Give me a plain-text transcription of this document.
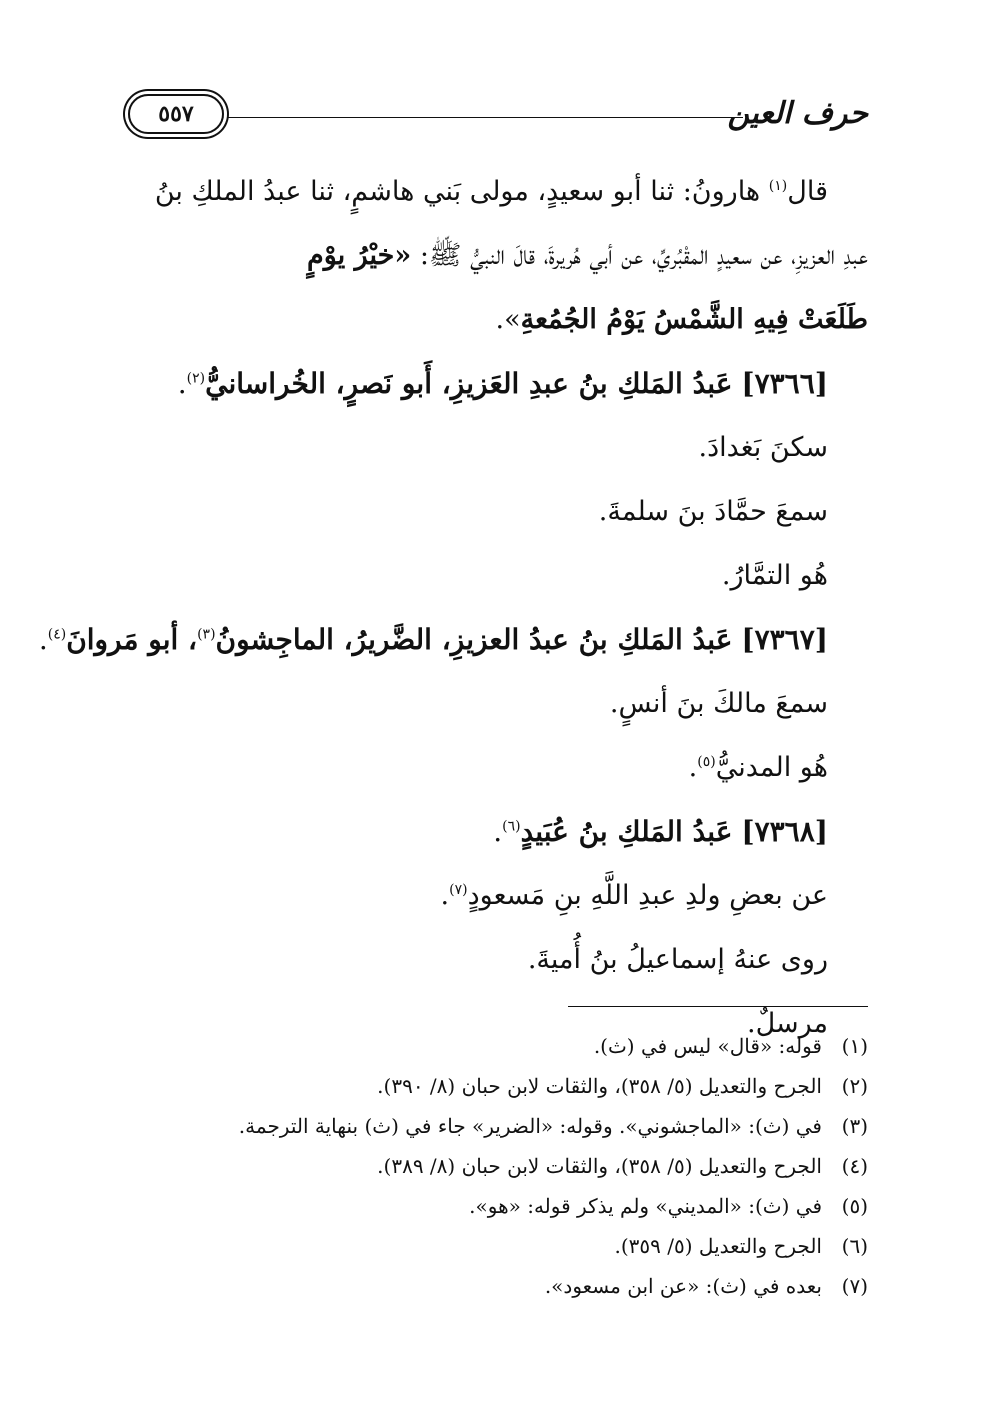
حرف العين
٥٥٧
قال$^{(١)}$ هارونُ: ثنا أبو سعيدٍ، مولى بَني هاشمٍ، ثنا عبدُ الملكِ بنُ
عبدِ العزيزِ، عن سعيدٍ المقْبُريِّ، عن أبي هُريرةَ، قالَ النبيُّ ﷺ: «خيْرُ يوْمٍ
طَلَعَتْ فِيهِ الشَّمْسُ يَوْمُ الجُمُعةِ».
[٧٣٦٦] عَبدُ المَلكِ بنُ عبدِ العَزيزِ، أَبو نَصرٍ، الخُراسانيُّ$^{(٢)}$.
سكنَ بَغدادَ.
سمعَ حمَّادَ بنَ سلمةَ.
هُو التمَّارُ.
[٧٣٦٧] عَبدُ المَلكِ بنُ عبدُ العزيزِ، الضَّريرُ، الماجِشونُ$^{(٣)}$، أبو مَروانَ$^{(٤)}$.
سمعَ مالكَ بنَ أنسٍ.
هُو المدنيُّ$^{(٥)}$.
[٧٣٦٨] عَبدُ المَلكِ بنُ عُبَيدٍ$^{(٦)}$.
عن بعضِ ولدِ عبدِ اللَّهِ بنِ مَسعودٍ$^{(٧)}$.
روى عنهُ إسماعيلُ بنُ أُميةَ.
مرسلٌ.
(١)قوله: «قال» ليس في (ث).
(٢)الجرح والتعديل (٥/ ٣٥٨)، والثقات لابن حبان (٨/ ٣٩٠).
(٣)في (ث): «الماجشوني». وقوله: «الضرير» جاء في (ث) بنهاية الترجمة.
(٤)الجرح والتعديل (٥/ ٣٥٨)، والثقات لابن حبان (٨/ ٣٨٩).
(٥)في (ث): «المديني» ولم يذكر قوله: «هو».
(٦)الجرح والتعديل (٥/ ٣٥٩).
(٧)بعده في (ث): «عن ابن مسعود».
